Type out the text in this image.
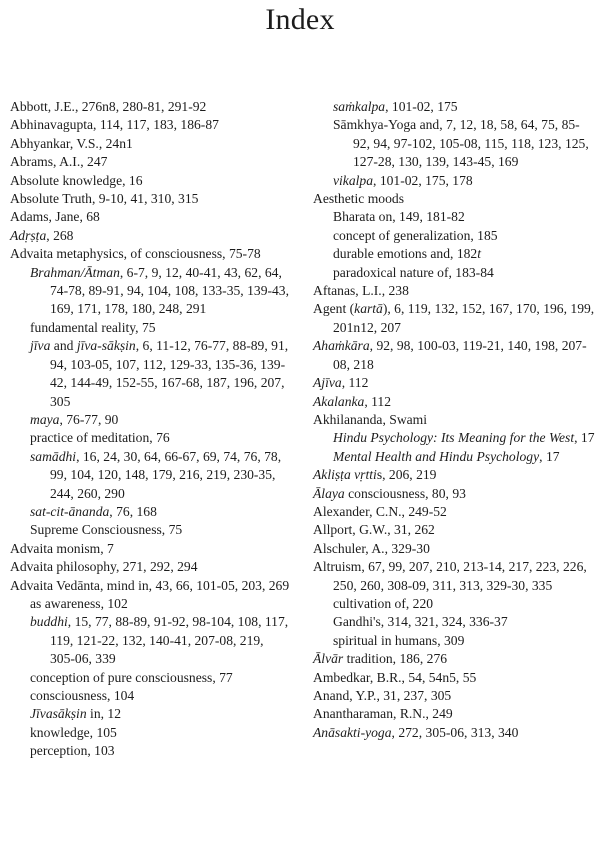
Index
Abbott, J.E., 276n8, 280-81, 291-92
Abhinavagupta, 114, 117, 183, 186-87
Abhyankar, V.S., 24n1
Abrams, A.I., 247
Absolute knowledge, 16
Absolute Truth, 9-10, 41, 310, 315
Adams, Jane, 68
Adṛṣṭa, 268
Advaita metaphysics, of consciousness, 75-78
Brahman/Ātman, 6-7, 9, 12, 40-41, 43, 62, 64, 74-78, 89-91, 94, 104, 108, 133-35, 139-43, 169, 171, 178, 180, 248, 291
fundamental reality, 75
jīva and jīva-sākṣin, 6, 11-12, 76-77, 88-89, 91, 94, 103-05, 107, 112, 129-33, 135-36, 139-42, 144-49, 152-55, 167-68, 187, 196, 207, 305
maya, 76-77, 90
practice of meditation, 76
samādhi, 16, 24, 30, 64, 66-67, 69, 74, 76, 78, 99, 104, 120, 148, 179, 216, 219, 230-35, 244, 260, 290
sat-cit-ānanda, 76, 168
Supreme Consciousness, 75
Advaita monism, 7
Advaita philosophy, 271, 292, 294
Advaita Vedānta, mind in, 43, 66, 101-05, 203, 269
as awareness, 102
buddhi, 15, 77, 88-89, 91-92, 98-104, 108, 117, 119, 121-22, 132, 140-41, 207-08, 219, 305-06, 339
conception of pure consciousness, 77
consciousness, 104
Jīvasākṣin in, 12
knowledge, 105
perception, 103
saṁkalpa, 101-02, 175
Sāmkhya-Yoga and, 7, 12, 18, 58, 64, 75, 85-92, 94, 97-102, 105-08, 115, 118, 123, 125, 127-28, 130, 139, 143-45, 169
vikalpa, 101-02, 175, 178
Aesthetic moods
Bharata on, 149, 181-82
concept of generalization, 185
durable emotions and, 182t
paradoxical nature of, 183-84
Aftanas, L.I., 238
Agent (kartā), 6, 119, 132, 152, 167, 170, 196, 199, 201n12, 207
Ahaṁkāra, 92, 98, 100-03, 119-21, 140, 198, 207-08, 218
Ajīva, 112
Akalanka, 112
Akhilananda, Swami
Hindu Psychology: Its Meaning for the West, 17
Mental Health and Hindu Psychology, 17
Akliṣṭa vṛttis, 206, 219
Ālaya consciousness, 80, 93
Alexander, C.N., 249-52
Allport, G.W., 31, 262
Alschuler, A., 329-30
Altruism, 67, 99, 207, 210, 213-14, 217, 223, 226, 250, 260, 308-09, 311, 313, 329-30, 335
cultivation of, 220
Gandhi's, 314, 321, 324, 336-37
spiritual in humans, 309
Ālvār tradition, 186, 276
Ambedkar, B.R., 54, 54n5, 55
Anand, Y.P., 31, 237, 305
Anantharaman, R.N., 249
Anāsakti-yoga, 272, 305-06, 313, 340
